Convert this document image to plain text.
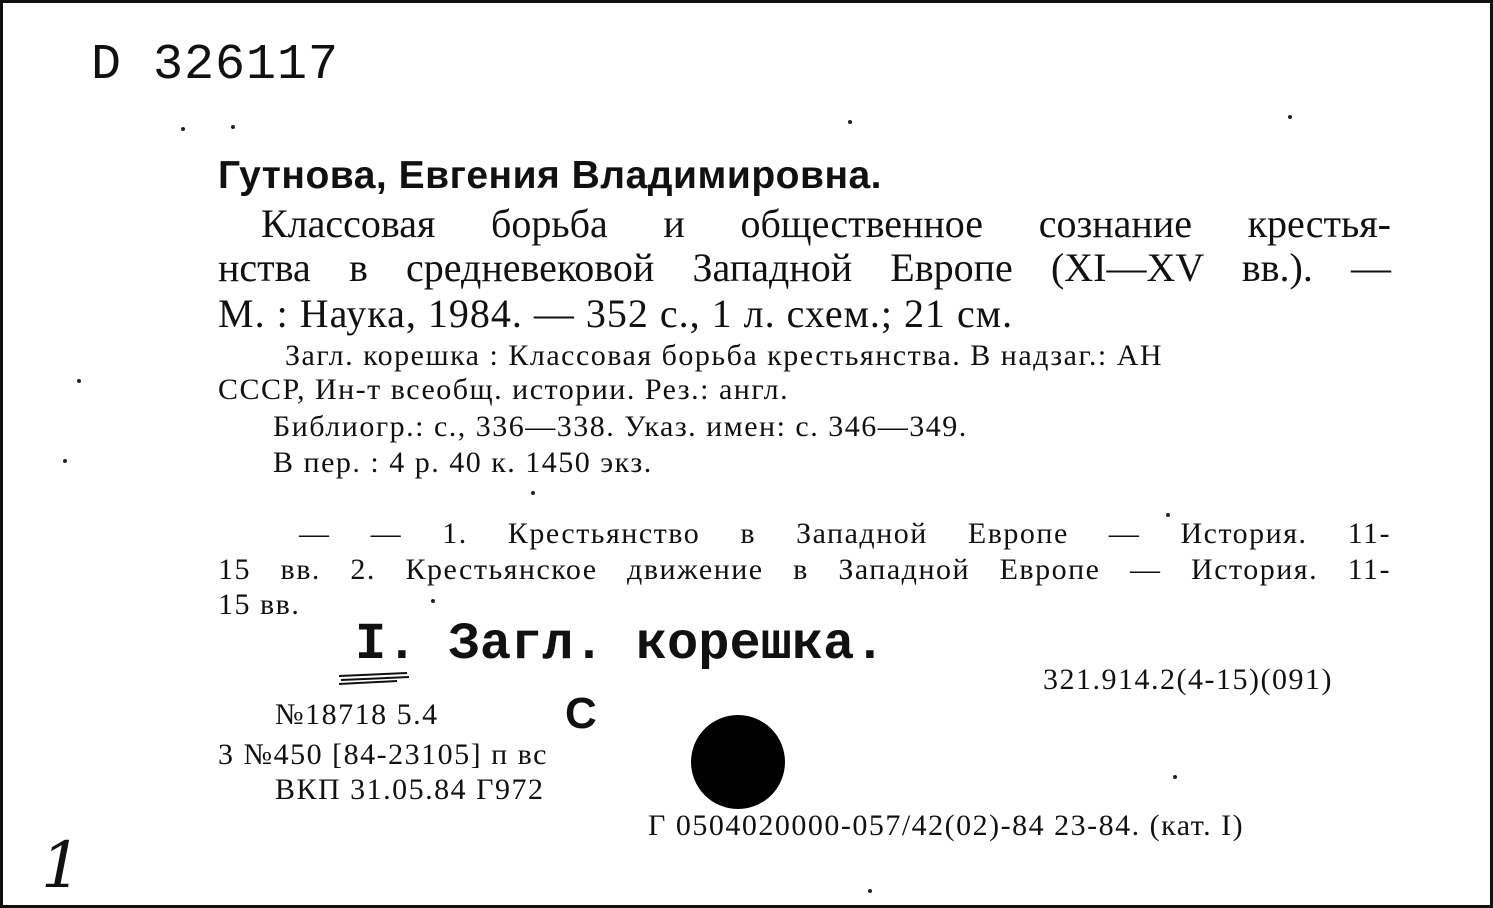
D 326117
Гутнова, Евгения Владимировна.
Классовая борьба и общественное сознание крестья-
нства в средневековой Западной Европе (XI—XV вв.). —
М. : Наука, 1984. — 352 с., 1 л. схем.; 21 см.
Загл. корешка : Классовая борьба крестьянства. В надзаг.: АН
СССР, Ин-т всеобщ. истории. Рез.: англ.
Библиогр.: с., 336—338. Указ. имен: с. 346—349.
В пер. : 4 р. 40 к. 1450 экз.
— — 1. Крестьянство в Западной Европе — История. 11-
15 вв. 2. Крестьянское движение в Западной Европе — История. 11-
15 вв.
I. Загл. корешка.
321.914.2(4-15)(091)
№18718 5.4
3 №450 [84-23105] п вс
ВКП 31.05.84 Г972
C
Г 0504020000-057/42(02)-84 23-84. (кат. I)
1
